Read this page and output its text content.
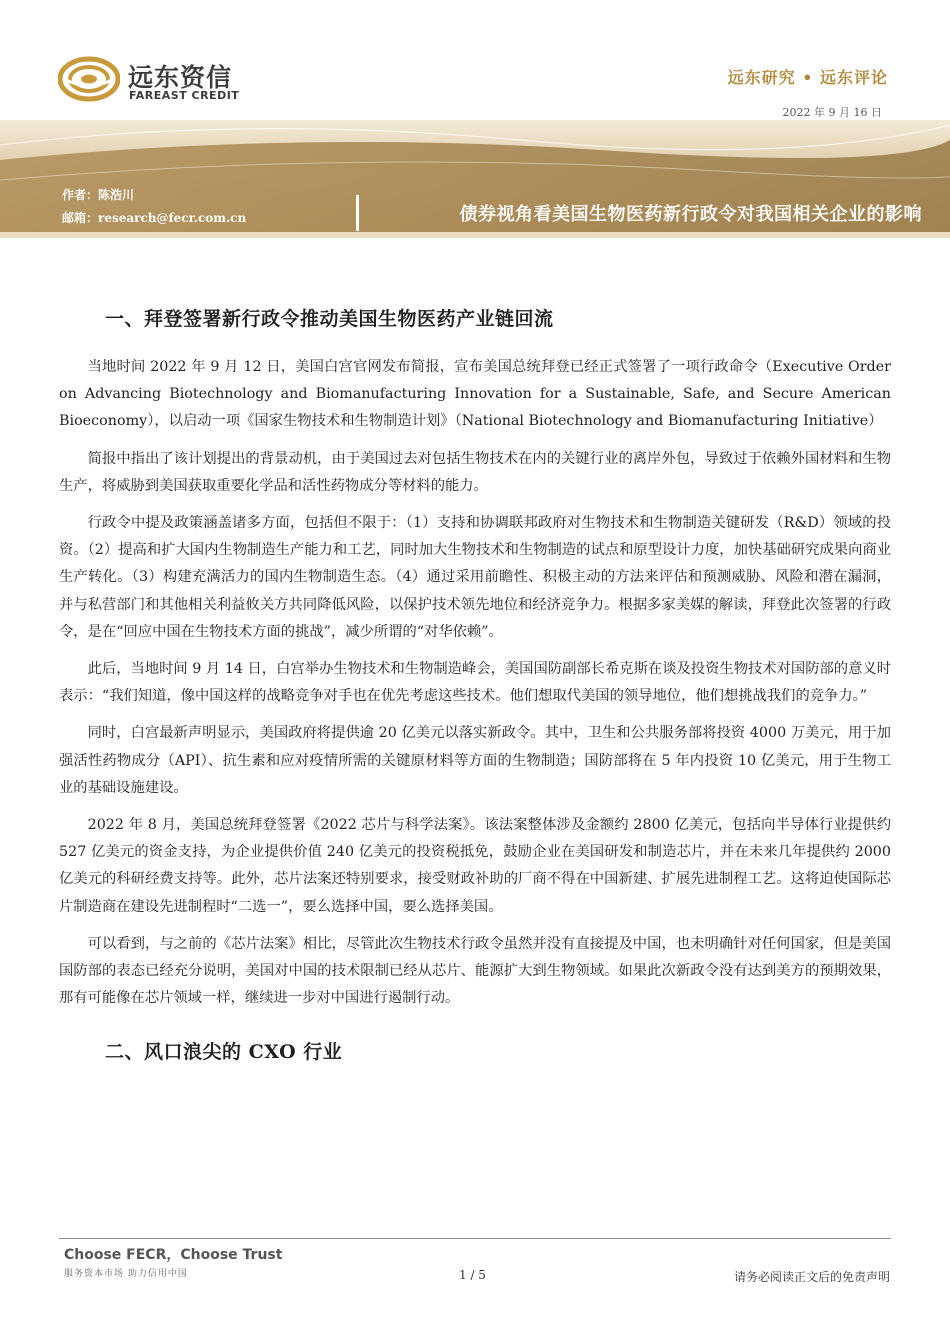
远东资信
FAREAST CREDIT
远东研究 • 远东评论
2022 年 9 月 16 日
作者：陈浩川
邮箱：research@fecr.com.cn	债券视角看美国生物医药新行政令对我国相关企业的影响
一、拜登签署新行政令推动美国生物医药产业链回流

当地时间 2022 年 9 月 12 日，美国白宫官网发布简报，宣布美国总统拜登已经正式签署了一项行政命令（Executive Order on Advancing Biotechnology and Biomanufacturing Innovation for a Sustainable, Safe, and Secure American Bioeconomy），以启动一项《国家生物技术和生物制造计划》（National Biotechnology and Biomanufacturing Initiative）

简报中指出了该计划提出的背景动机，由于美国过去对包括生物技术在内的关键行业的离岸外包，导致过于依赖外国材料和生物生产，将威胁到美国获取重要化学品和活性药物成分等材料的能力。

行政令中提及政策涵盖诸多方面，包括但不限于：（1）支持和协调联邦政府对生物技术和生物制造关键研发（R&D）领域的投资。（2）提高和扩大国内生物制造生产能力和工艺，同时加大生物技术和生物制造的试点和原型设计力度，加快基础研究成果向商业生产转化。（3）构建充满活力的国内生物制造生态。（4）通过采用前瞻性、积极主动的方法来评估和预测威胁、风险和潜在漏洞，并与私营部门和其他相关利益攸关方共同降低风险，以保护技术领先地位和经济竞争力。根据多家美媒的解读，拜登此次签署的行政令，是在“回应中国在生物技术方面的挑战”，减少所谓的“对华依赖”。

此后，当地时间 9 月 14 日，白宫举办生物技术和生物制造峰会，美国国防副部长希克斯在谈及投资生物技术对国防部的意义时表示：“我们知道，像中国这样的战略竞争对手也在优先考虑这些技术。他们想取代美国的领导地位，他们想挑战我们的竞争力。”

同时，白宫最新声明显示，美国政府将提供逾 20 亿美元以落实新政令。其中，卫生和公共服务部将投资 4000 万美元，用于加强活性药物成分（API）、抗生素和应对疫情所需的关键原材料等方面的生物制造；国防部将在 5 年内投资 10 亿美元，用于生物工业的基础设施建设。

2022 年 8 月，美国总统拜登签署《2022 芯片与科学法案》。该法案整体涉及金额约 2800 亿美元，包括向半导体行业提供约 527 亿美元的资金支持，为企业提供价值 240 亿美元的投资税抵免，鼓励企业在美国研发和制造芯片，并在未来几年提供约 2000 亿美元的科研经费支持等。此外，芯片法案还特别要求，接受财政补助的厂商不得在中国新建、扩展先进制程工艺。这将迫使国际芯片制造商在建设先进制程时“二选一”，要么选择中国，要么选择美国。

可以看到，与之前的《芯片法案》相比，尽管此次生物技术行政令虽然并没有直接提及中国，也未明确针对任何国家，但是美国国防部的表态已经充分说明，美国对中国的技术限制已经从芯片、能源扩大到生物领域。如果此次新政令没有达到美方的预期效果，那有可能像在芯片领域一样，继续进一步对中国进行遏制行动。

二、风口浪尖的 CXO 行业
Choose FECR，Choose Trust
服务资本市场 助力信用中国	1 / 5	请务必阅读正文后的免责声明
